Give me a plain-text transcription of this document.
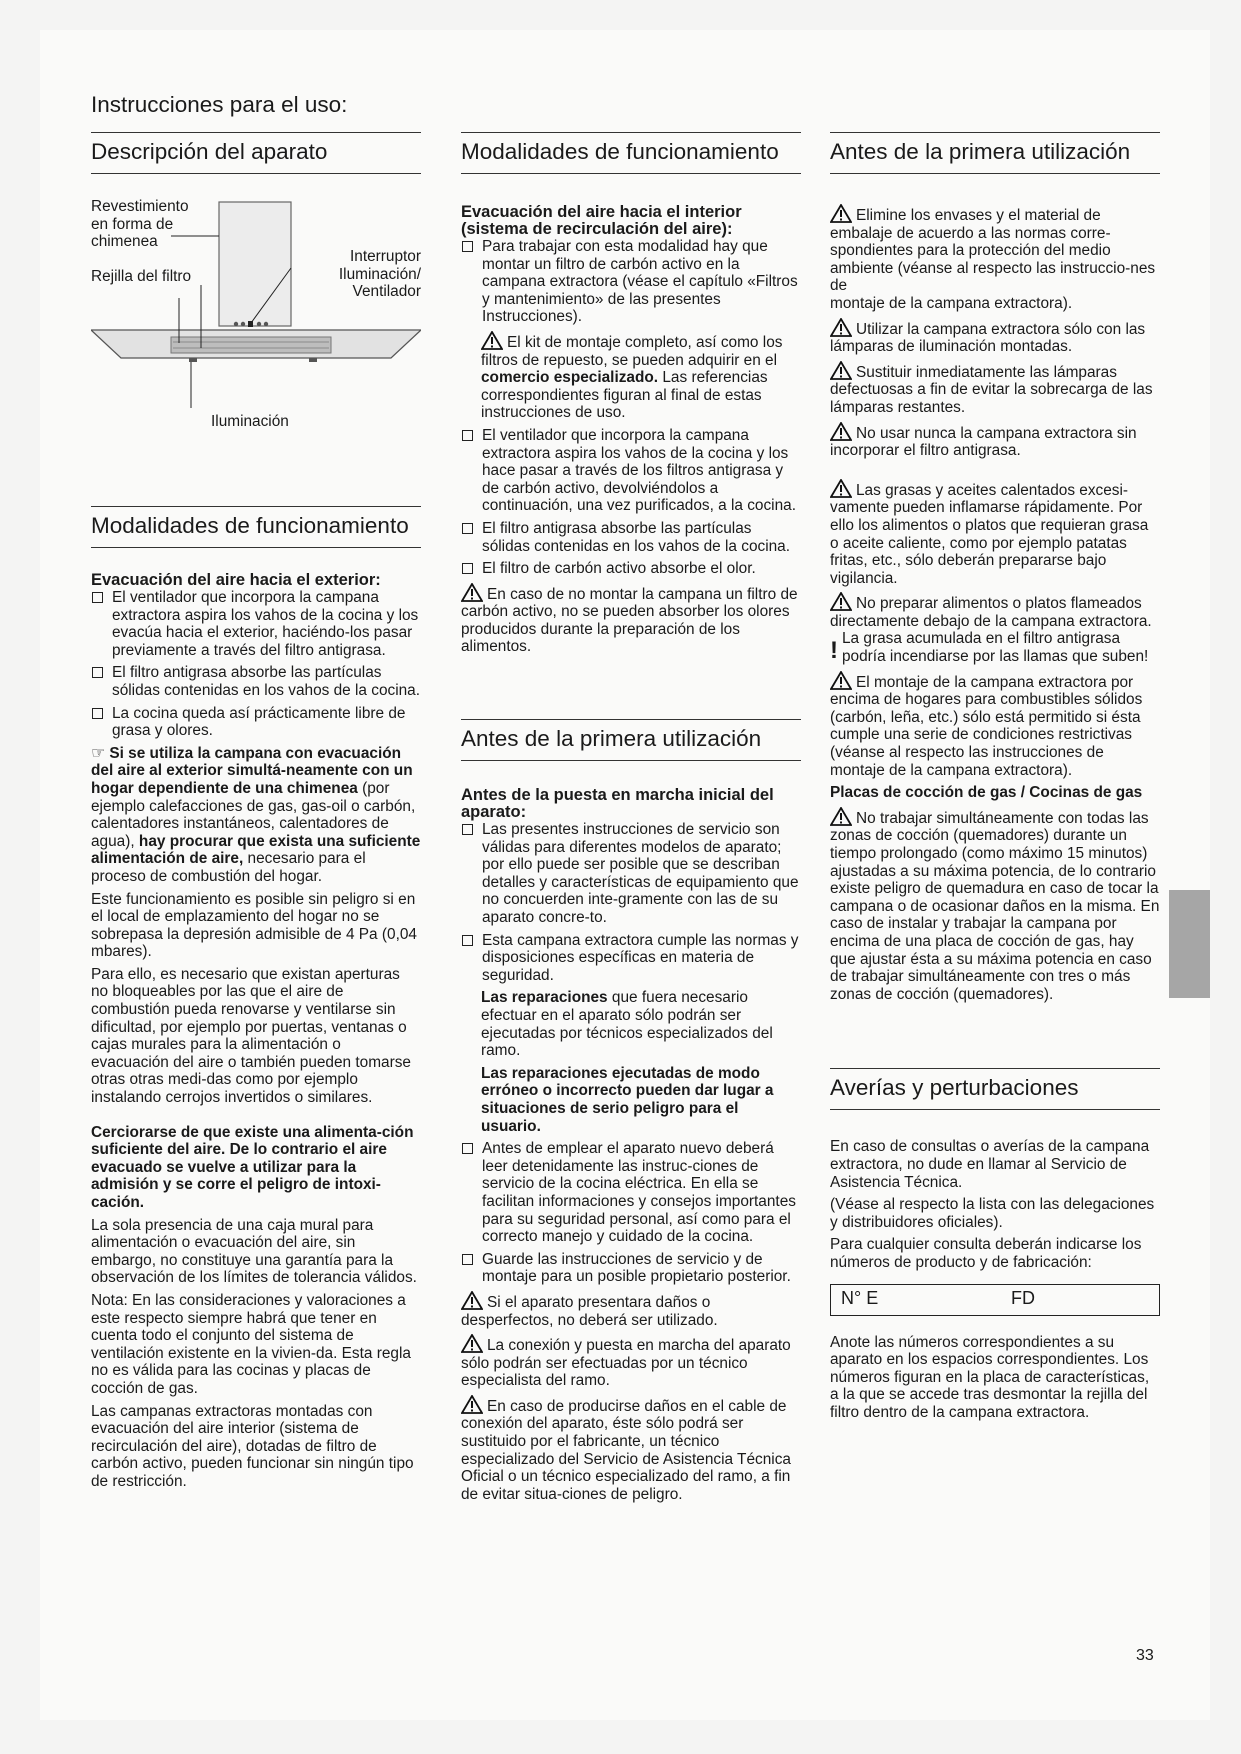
Instrucciones para el uso:
Descripción del aparato
Revestimiento en forma de chimenea
Interruptor Iluminación/ Ventilador
Rejilla del filtro
Iluminación
Modalidades de funcionamiento

Evacuación del aire hacia el exterior:

El ventilador que incorpora la campana extractora aspira los vahos de la cocina y los evacúa hacia el exterior, haciéndo-los pasar previamente a través del filtro antigrasa.

El filtro antigrasa absorbe las partículas sólidas contenidas en los vahos de la cocina.

La cocina queda así prácticamente libre de grasa y olores.

☞ Si se utiliza la campana con evacuación del aire al exterior simultá-neamente con un hogar dependiente de una chimenea (por ejemplo calefacciones de gas, gas-oil o carbón, calentadores instantáneos, calentadores de agua), hay procurar que exista una suficiente alimentación de aire, necesario para el proceso de combustión del hogar.

Este funcionamiento es posible sin peligro si en el local de emplazamiento del hogar no se sobrepasa la depresión admisible de 4 Pa (0,04 mbares).

Para ello, es necesario que existan aperturas no bloqueables por las que el aire de combustión pueda renovarse y ventilarse sin dificultad, por ejemplo por puertas, ventanas o cajas murales para la alimentación o evacuación del aire o también pueden tomarse otras otras medi-das como por ejemplo instalando cerrojos invertidos o similares.

Cerciorarse de que existe una alimenta-ción suficiente del aire. De lo contrario el aire evacuado se vuelve a utilizar para la admisión y se corre el peligro de intoxi-cación.

La sola presencia de una caja mural para alimentación o evacuación del aire, sin embargo, no constituye una garantía para la observación de los límites de tolerancia válidos.

Nota: En las consideraciones y valoraciones a este respecto siempre habrá que tener en cuenta todo el conjunto del sistema de ventilación existente en la vivien-da. Esta regla no es válida para las cocinas y placas de cocción de gas.

Las campanas extractoras montadas con evacuación del aire interior (sistema de recirculación del aire), dotadas de filtro de carbón activo, pueden funcionar sin ningún tipo de restricción.

Modalidades de funcionamiento

Evacuación del aire hacia el interior (sistema de recirculación del aire):

Para trabajar con esta modalidad hay que montar un filtro de carbón activo en la campana extractora (véase el capítulo «Filtros y mantenimiento» de las presentes Instrucciones).

El kit de montaje completo, así como los filtros de repuesto, se pueden adquirir en el comercio especializado. Las referencias correspondientes figuran al final de estas instrucciones de uso.

El ventilador que incorpora la campana extractora aspira los vahos de la cocina y los hace pasar a través de los filtros antigrasa y de carbón activo, devolviéndolos a continuación, una vez purificados, a la cocina.

El filtro antigrasa absorbe las partículas sólidas contenidas en los vahos de la cocina.

El filtro de carbón activo absorbe el olor.

En caso de no montar la campana un filtro de carbón activo, no se pueden absorber los olores producidos durante la preparación de los alimentos.

Antes de la primera utilización

Antes de la puesta en marcha inicial del aparato:

Las presentes instrucciones de servicio son válidas para diferentes modelos de aparato; por ello puede ser posible que se describan detalles y características de equipamiento que no concuerden inte-gramente con las de su aparato concre-to.

Esta campana extractora cumple las normas y disposiciones específicas en materia de seguridad.

Las reparaciones que fuera necesario efectuar en el aparato sólo podrán ser ejecutadas por técnicos especializados del ramo.

Las reparaciones ejecutadas de modo erróneo o incorrecto pueden dar lugar a situaciones de serio peligro para el usuario.

Antes de emplear el aparato nuevo deberá leer detenidamente las instruc-ciones de servicio de la cocina eléctrica. En ella se facilitan informaciones y consejos importantes para su seguridad personal, así como para el correcto manejo y cuidado de la cocina.

Guarde las instrucciones de servicio y de montaje para un posible propietario posterior.

Si el aparato presentara daños o desperfectos, no deberá ser utilizado.

La conexión y puesta en marcha del aparato sólo podrán ser efectuadas por un técnico especialista del ramo.

En caso de producirse daños en el cable de conexión del aparato, éste sólo podrá ser sustituido por el fabricante, un técnico especializado del Servicio de Asistencia Técnica Oficial o un técnico especializado del ramo, a fin de evitar situa-ciones de peligro.

Antes de la primera utilización

Elimine los envases y el material de embalaje de acuerdo a las normas corre-spondientes para la protección del medio ambiente (véanse al respecto las instruccio-nes de

montaje de la campana extractora).

Utilizar la campana extractora sólo con las lámparas de iluminación montadas.

Sustituir inmediatamente las lámparas defectuosas a fin de evitar la sobrecarga de las lámparas restantes.

No usar nunca la campana extractora sin incorporar el filtro antigrasa.

Las grasas y aceites calentados excesi-vamente pueden inflamarse rápidamente. Por ello los alimentos o platos que requieran grasa o aceite caliente, como por ejemplo patatas fritas, etc., sólo deberán prepararse bajo vigilancia.

No preparar alimentos o platos flameados directamente debajo de la campana extractora.

! La grasa acumulada en el filtro antigrasa podría incendiarse por las llamas que suben!

El montaje de la campana extractora por encima de hogares para combustibles sólidos (carbón, leña, etc.) sólo está permitido si ésta cumple una serie de condiciones restrictivas (véanse al respecto las instrucciones de montaje de la campana extractora).

Placas de cocción de gas / Cocinas de gas

No trabajar simultáneamente con todas las zonas de cocción (quemadores) durante un tiempo prolongado (como máximo 15 minutos) ajustadas a su máxima potencia, de lo contrario existe peligro de quemadura en caso de tocar la campana o de ocasionar daños en la misma. En caso de instalar y trabajar la campana por encima de una placa de cocción de gas, hay que ajustar ésta a su máxima potencia en caso de trabajar simultáneamente con tres o más zonas de cocción (quemadores).

Averías y perturbaciones

En caso de consultas o averías de la campana extractora, no dude en llamar al Servicio de Asistencia Técnica.

(Véase al respecto la lista con las delegaciones y distribuidores oficiales).

Para cualquier consulta deberán indicarse los números de producto y de fabricación:

N° E	FD

Anote las números correspondientes a su aparato en los espacios correspondientes. Los números figuran en la placa de características, a la que se accede tras desmontar la rejilla del filtro dentro de la campana extractora.

33
